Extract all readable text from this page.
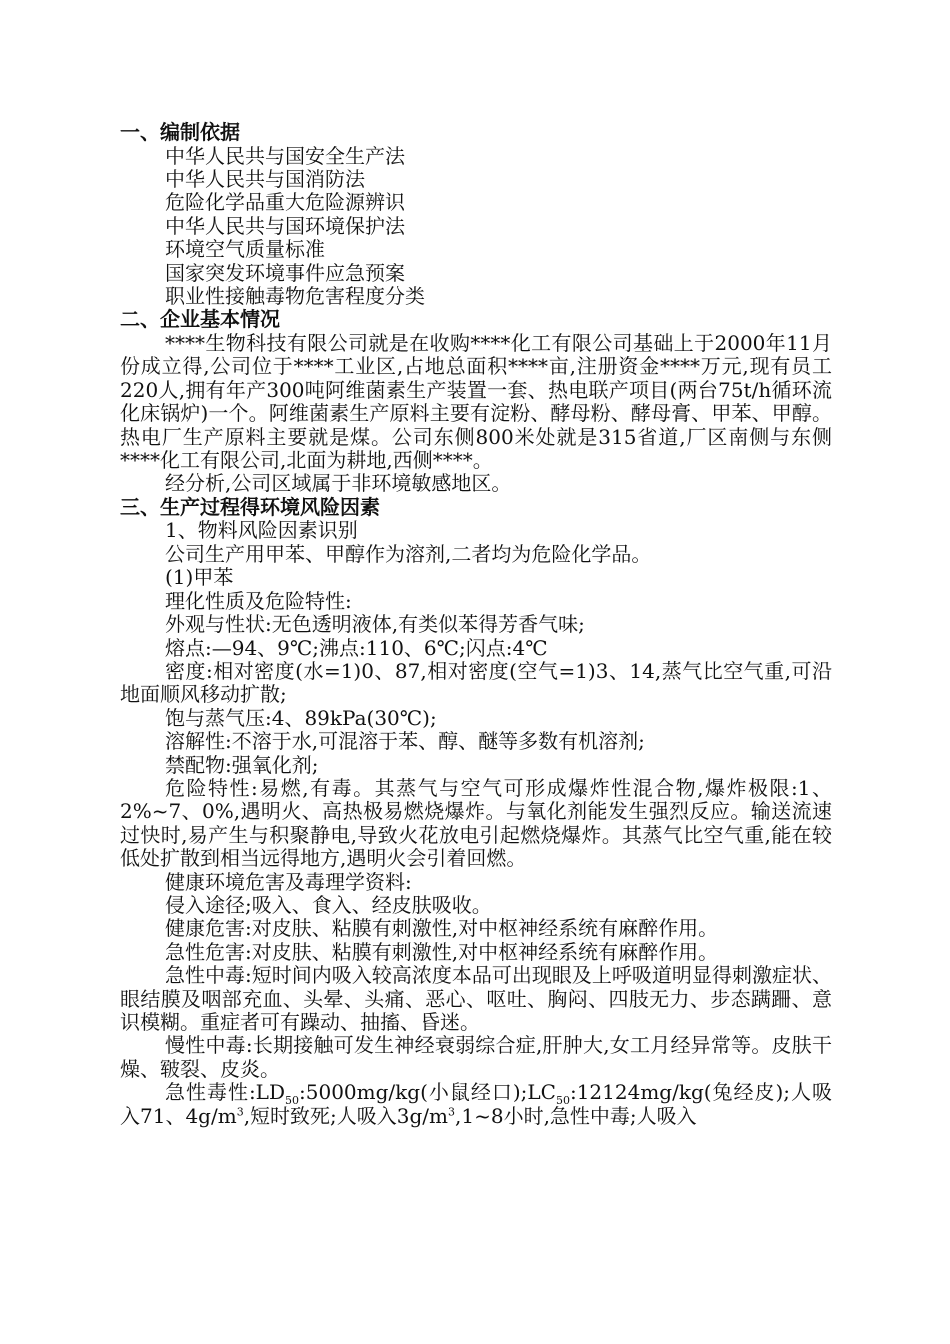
一、编制依据

中华人民共与国安全生产法

中华人民共与国消防法

危险化学品重大危险源辨识

中华人民共与国环境保护法

环境空气质量标准

国家突发环境事件应急预案

职业性接触毒物危害程度分类

二、企业基本情况

****生物科技有限公司就是在收购****化工有限公司基础上于2000年11月份成立得,公司位于****工业区,占地总面积****亩,注册资金****万元,现有员工220人,拥有年产300吨阿维菌素生产装置一套、热电联产项目(两台75t/h循环流化床锅炉)一个。阿维菌素生产原料主要有淀粉、酵母粉、酵母膏、甲苯、甲醇。热电厂生产原料主要就是煤。公司东侧800米处就是315省道,厂区南侧与东侧****化工有限公司,北面为耕地,西侧****。

经分析,公司区域属于非环境敏感地区。

三、生产过程得环境风险因素

1、物料风险因素识别

公司生产用甲苯、甲醇作为溶剂,二者均为危险化学品。

(1)甲苯

理化性质及危险特性:

外观与性状:无色透明液体,有类似苯得芳香气味;

熔点:—94、9℃;沸点:110、6℃;闪点:4℃

密度:相对密度(水=1)0、87,相对密度(空气=1)3、14,蒸气比空气重,可沿地面顺风移动扩散;

饱与蒸气压:4、89kPa(30℃);

溶解性:不溶于水,可混溶于苯、醇、醚等多数有机溶剂;

禁配物:强氧化剂;

危险特性:易燃,有毒。其蒸气与空气可形成爆炸性混合物,爆炸极限:1、2%~7、0%,遇明火、高热极易燃烧爆炸。与氧化剂能发生强烈反应。输送流速过快时,易产生与积聚静电,导致火花放电引起燃烧爆炸。其蒸气比空气重,能在较低处扩散到相当远得地方,遇明火会引着回燃。

健康环境危害及毒理学资料:

侵入途径;吸入、食入、经皮肤吸收。

健康危害:对皮肤、粘膜有刺激性,对中枢神经系统有麻醉作用。

急性危害:对皮肤、粘膜有刺激性,对中枢神经系统有麻醉作用。

急性中毒:短时间内吸入较高浓度本品可出现眼及上呼吸道明显得刺激症状、眼结膜及咽部充血、头晕、头痛、恶心、呕吐、胸闷、四肢无力、步态蹒跚、意识模糊。重症者可有躁动、抽搐、昏迷。

慢性中毒:长期接触可发生神经衰弱综合症,肝肿大,女工月经异常等。皮肤干燥、皲裂、皮炎。

急性毒性$:LD_{50}:5000mg/kg$(小鼠经口)$;LC_{50}:12124mg/kg$(兔经皮);人吸入71、$4g/m^3$,短时致死;人吸入$3g/m^3,1\sim 8$小时,急性中毒;人吸入
